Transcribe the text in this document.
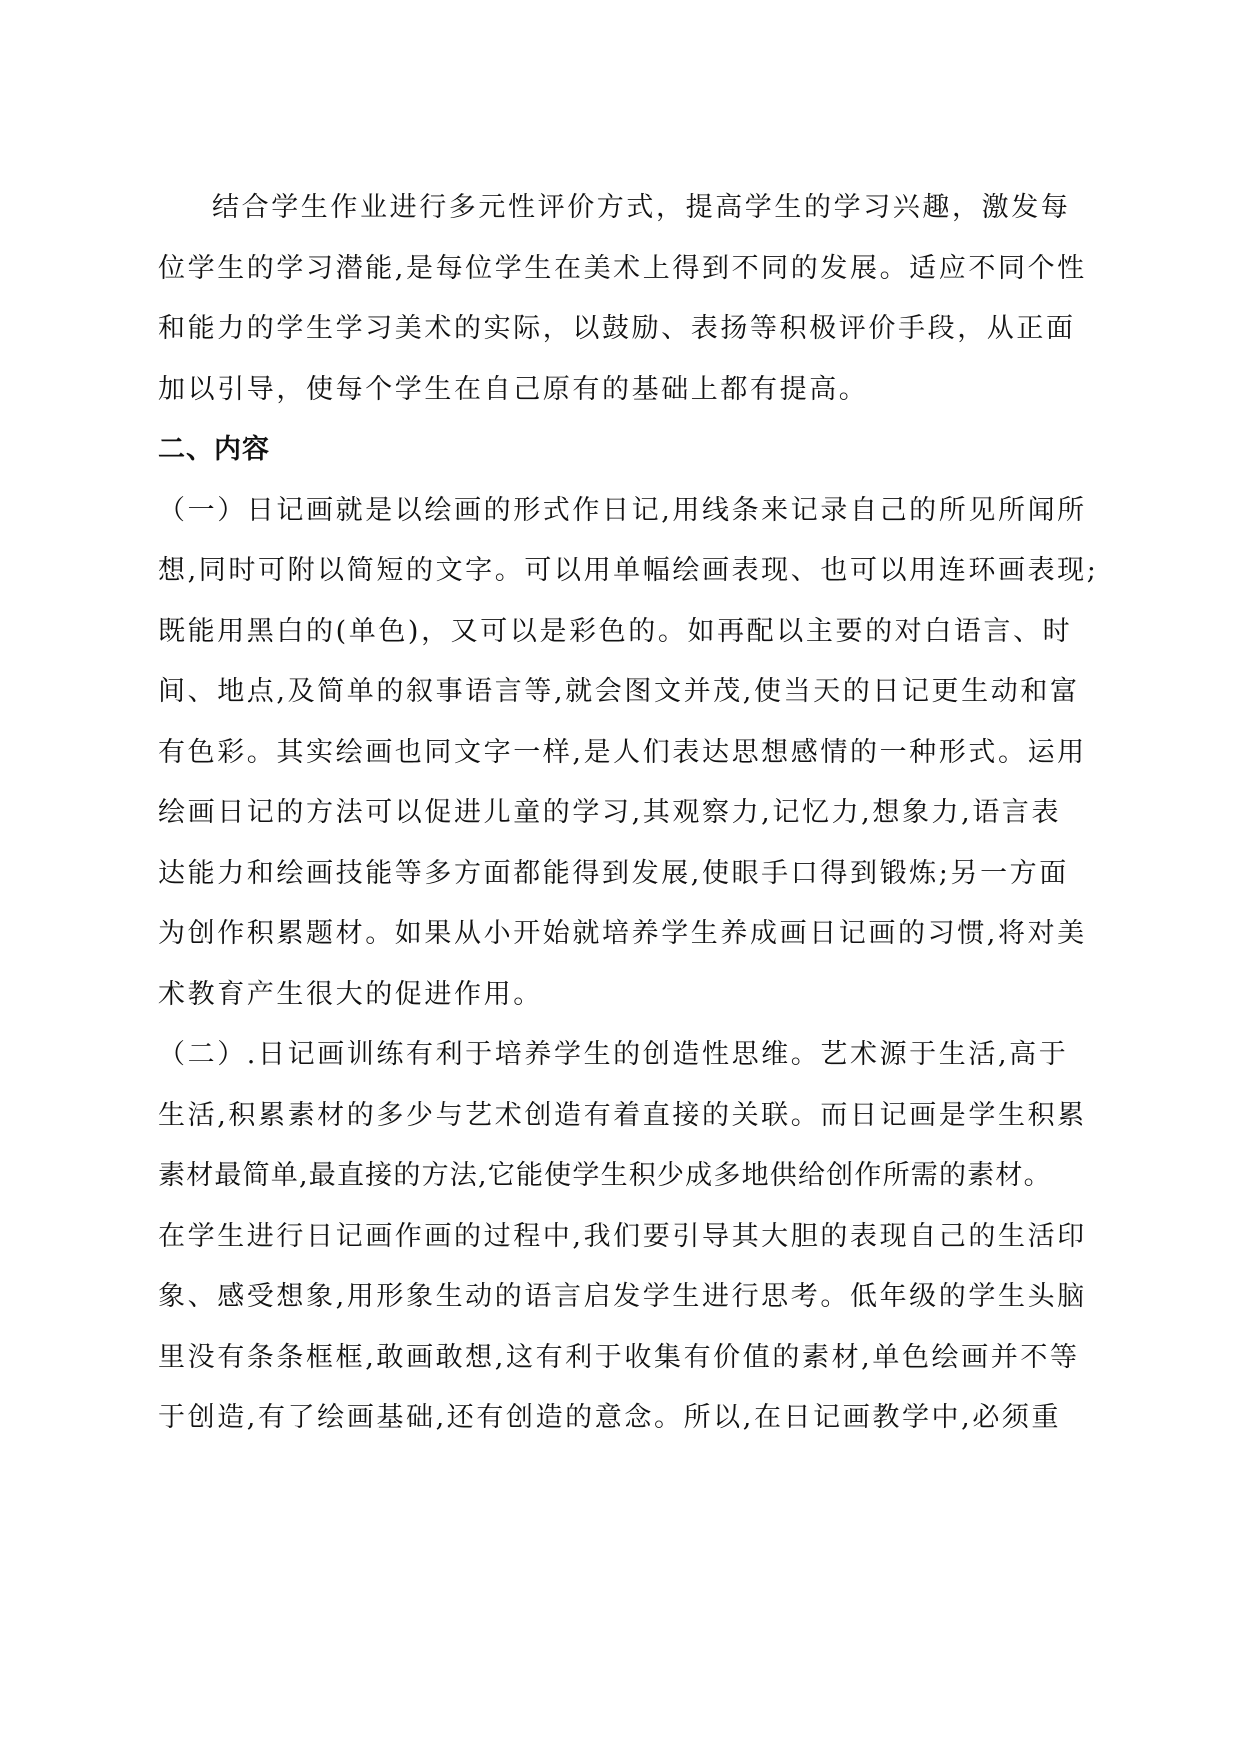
结合学生作业进行多元性评价方式，提高学生的学习兴趣，激发每
位学生的学习潜能,是每位学生在美术上得到不同的发展。适应不同个性
和能力的学生学习美术的实际，以鼓励、表扬等积极评价手段，从正面
加以引导，使每个学生在自己原有的基础上都有提高。
二、内容
（一）日记画就是以绘画的形式作日记,用线条来记录自己的所见所闻所
想,同时可附以简短的文字。可以用单幅绘画表现、也可以用连环画表现;
既能用黑白的(单色)，又可以是彩色的。如再配以主要的对白语言、时
间、地点,及简单的叙事语言等,就会图文并茂,使当天的日记更生动和富
有色彩。其实绘画也同文字一样,是人们表达思想感情的一种形式。运用
绘画日记的方法可以促进儿童的学习,其观察力,记忆力,想象力,语言表
达能力和绘画技能等多方面都能得到发展,使眼手口得到锻炼;另一方面
为创作积累题材。如果从小开始就培养学生养成画日记画的习惯,将对美
术教育产生很大的促进作用。
（二）.日记画训练有利于培养学生的创造性思维。艺术源于生活,高于
生活,积累素材的多少与艺术创造有着直接的关联。而日记画是学生积累
素材最简单,最直接的方法,它能使学生积少成多地供给创作所需的素材。
在学生进行日记画作画的过程中,我们要引导其大胆的表现自己的生活印
象、感受想象,用形象生动的语言启发学生进行思考。低年级的学生头脑
里没有条条框框,敢画敢想,这有利于收集有价值的素材,单色绘画并不等
于创造,有了绘画基础,还有创造的意念。所以,在日记画教学中,必须重
